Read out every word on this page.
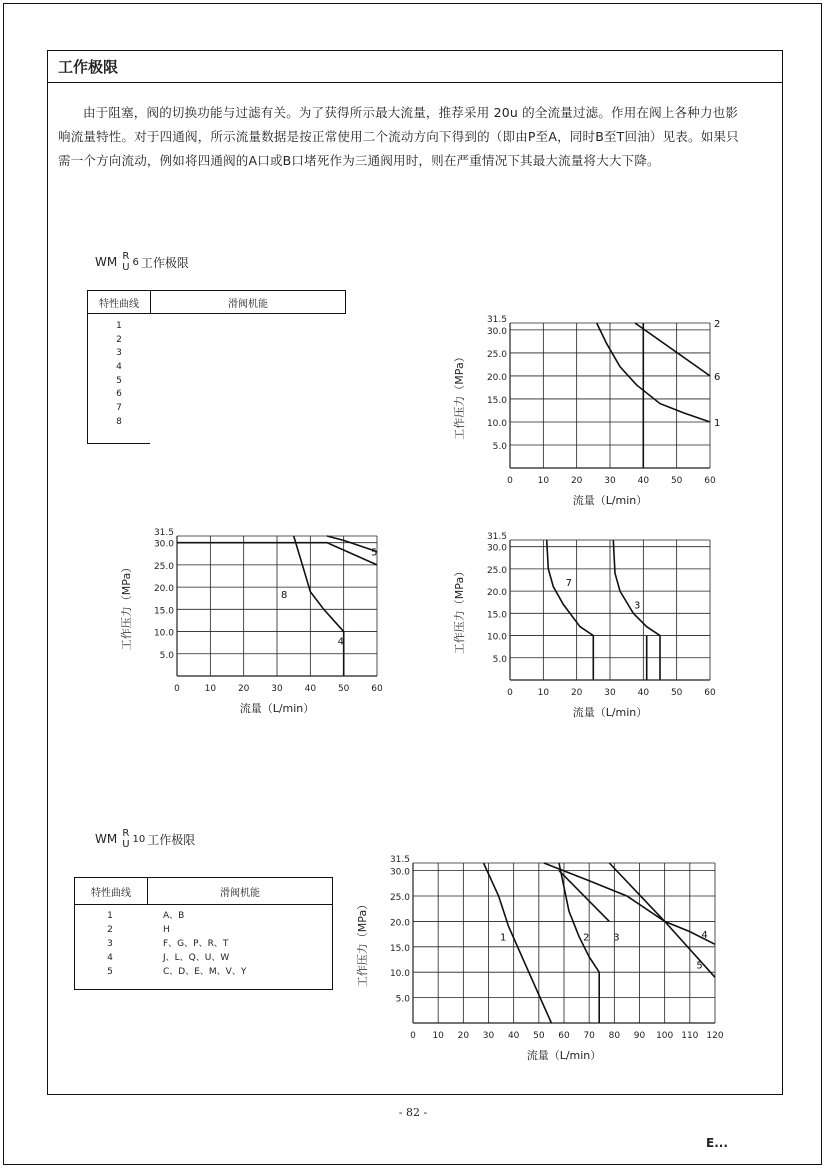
工作极限
由于阻塞，阀的切换功能与过滤有关。为了获得所示最大流量，推荐采用 20u 的全流量过滤。作用在阀上各种力也影响流量特性。对于四通阀，所示流量数据是按正常使用二个流动方向下得到的（即由P至A，同时B至T回油）见表。如果只需一个方向流动，例如将四通阀的A口或B口堵死作为三通阀用时，则在严重情况下其最大流量将大大下降。
WM R
U 6 工作极限
特性曲线	滑阀机能
1
2
3
4
5
6
7
8
WM R
U 10 工作极限
特性曲线	滑阀机能
1	A、B
2	H
3	F、G、P、R、T
4	J、L、Q、U、W
5	C、D、E、M、V、Y
0	10 20 30 40 50 60
5.0
10.0
15.0
20.0
25.0
30.0
31.5	2
6
1
流量（L/min）
工作压力（MPa）
0	10 20 30 40 50 60
5.0
10.0
15.0
20.0
25.0
30.0
31.5
5
8
4
流量（L/min）
工作压力（MPa）
0	10 20 30 40 50 60
5.0
10.0
15.0
20.0
25.0
30.0
31.5
7
3
流量（L/min）
工作压力（MPa）
0 10 20 30 40 50 60 70 80 90 100 110 120
5.0
10.0
15.0
20.0
25.0
30.0
31.5
1	2 3	4
5
流量（L/min）
工作压力（MPa）
- 82 -
E...
